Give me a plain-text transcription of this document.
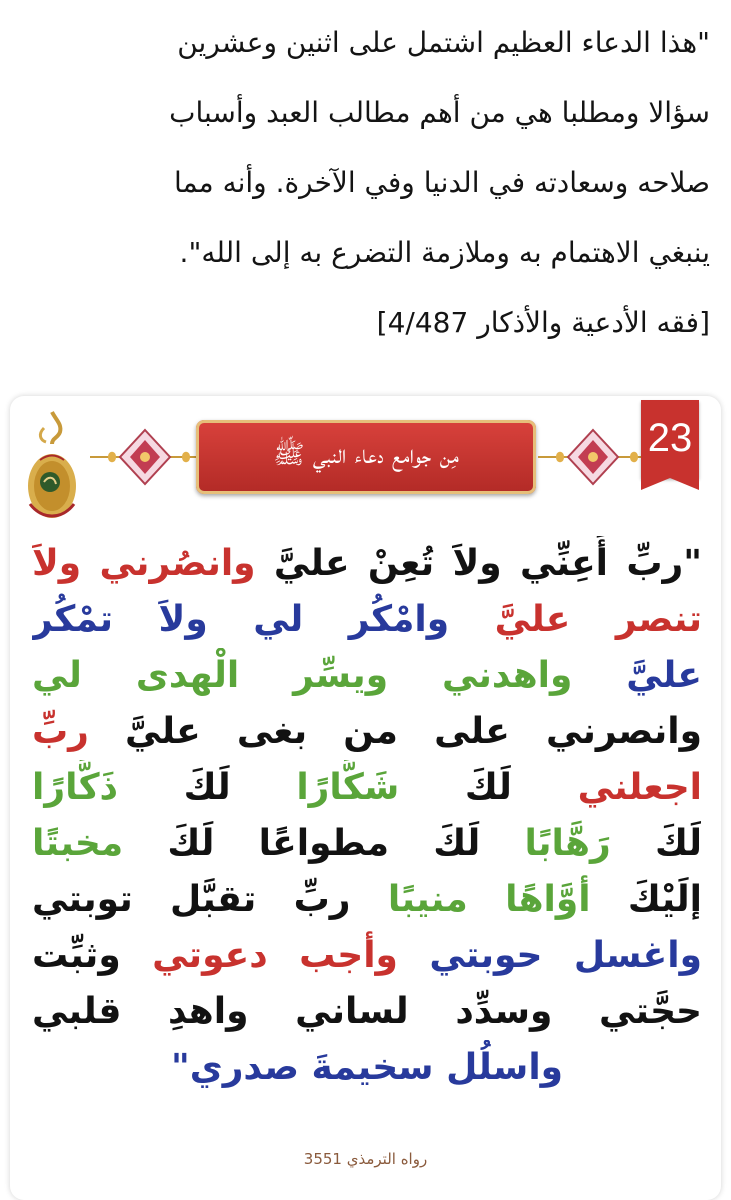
"هذا الدعاء العظيم اشتمل على اثنين وعشرين
سؤالا ومطلبا هي من أهم مطالب العبد وأسباب
صلاحه وسعادته في الدنيا وفي الآخرة. وأنه مما
ينبغي الاهتمام به وملازمة التضرع به إلى الله".
[فقه الأدعية والأذكار 4/487]
مِن جوامع دعاء النبي ﷺ	23
"ربِّ أَعِنِّي ولاَ تُعِنْ عليَّ وانصُرني ولاَ
تنصر عليَّ وامْكُر لي ولاَ تمْكُر
عليَّ واهدني ويسِّر الْهدى لي
وانصرني على من بغى عليَّ ربِّ
اجعلني لَكَ شَكَّارًا لَكَ ذَكَّارًا
لَكَ رَهَّابًا لَكَ مطواعًا لَكَ مخبتًا
إلَيْكَ أوَّاهًا منيبًا ربِّ تقبَّل توبتي
واغسل حوبتي وأجب دعوتي وثبِّت
حجَّتي وسدِّد لساني واهدِ قلبي
واسلُل سخيمةَ صدري"
رواه الترمذي 3551
